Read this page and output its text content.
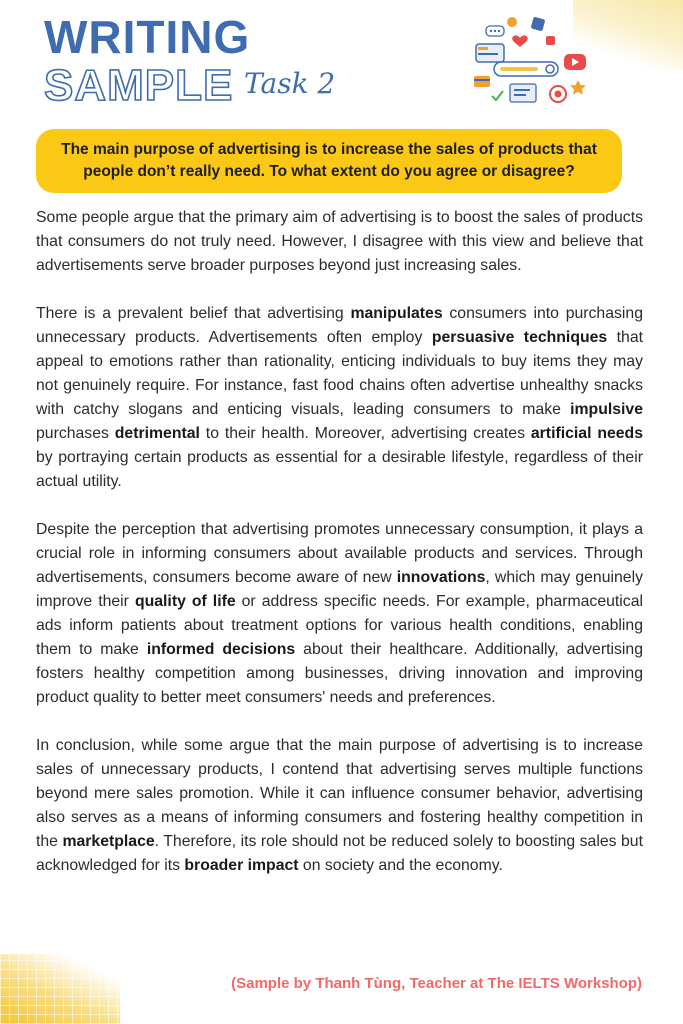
WRITING
SAMPLE Task 2
The main purpose of advertising is to increase the sales of products that people don’t really need. To what extent do you agree or disagree?

Some people argue that the primary aim of advertising is to boost the sales of products that consumers do not truly need. However, I disagree with this view and believe that advertisements serve broader purposes beyond just increasing sales.

There is a prevalent belief that advertising manipulates consumers into purchasing unnecessary products. Advertisements often employ persuasive techniques that appeal to emotions rather than rationality, enticing individuals to buy items they may not genuinely require. For instance, fast food chains often advertise unhealthy snacks with catchy slogans and enticing visuals, leading consumers to make impulsive purchases detrimental to their health. Moreover, advertising creates artificial needs by portraying certain products as essential for a desirable lifestyle, regardless of their actual utility.

Despite the perception that advertising promotes unnecessary consumption, it plays a crucial role in informing consumers about available products and services. Through advertisements, consumers become aware of new innovations, which may genuinely improve their quality of life or address specific needs. For example, pharmaceutical ads inform patients about treatment options for various health conditions, enabling them to make informed decisions about their healthcare. Additionally, advertising fosters healthy competition among businesses, driving innovation and improving product quality to better meet consumers' needs and preferences.

In conclusion, while some argue that the main purpose of advertising is to increase sales of unnecessary products, I contend that advertising serves multiple functions beyond mere sales promotion. While it can influence consumer behavior, advertising also serves as a means of informing consumers and fostering healthy competition in the marketplace. Therefore, its role should not be reduced solely to boosting sales but acknowledged for its broader impact on society and the economy.

(Sample by Thanh Tùng, Teacher at The IELTS Workshop)
